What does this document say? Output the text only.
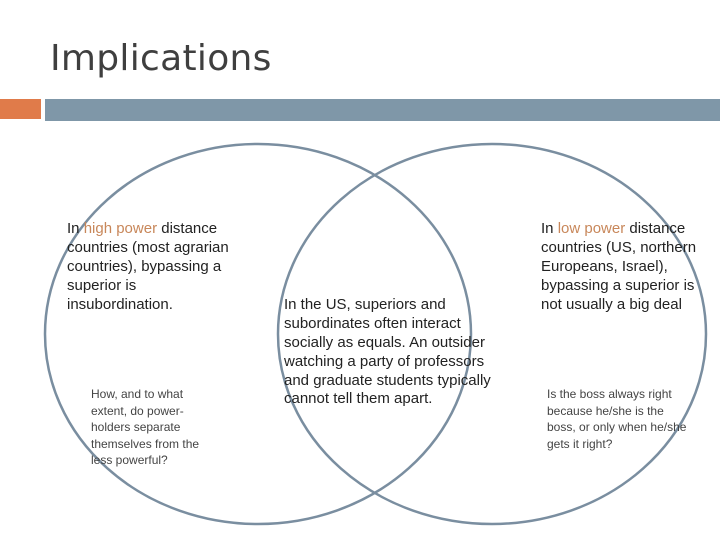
Implications
In high power distance countries (most agrarian countries), bypassing a superior is insubordination.
How, and to what extent, do power-holders separate themselves from the less powerful?
In the US, superiors and subordinates often interact socially as equals. An outsider watching a party of professors and graduate students typically cannot tell them apart.
In low power distance countries (US, northern Europeans, Israel), bypassing a superior is not usually a big deal
Is the boss always right because he/she is the boss, or only when he/she gets it right?
